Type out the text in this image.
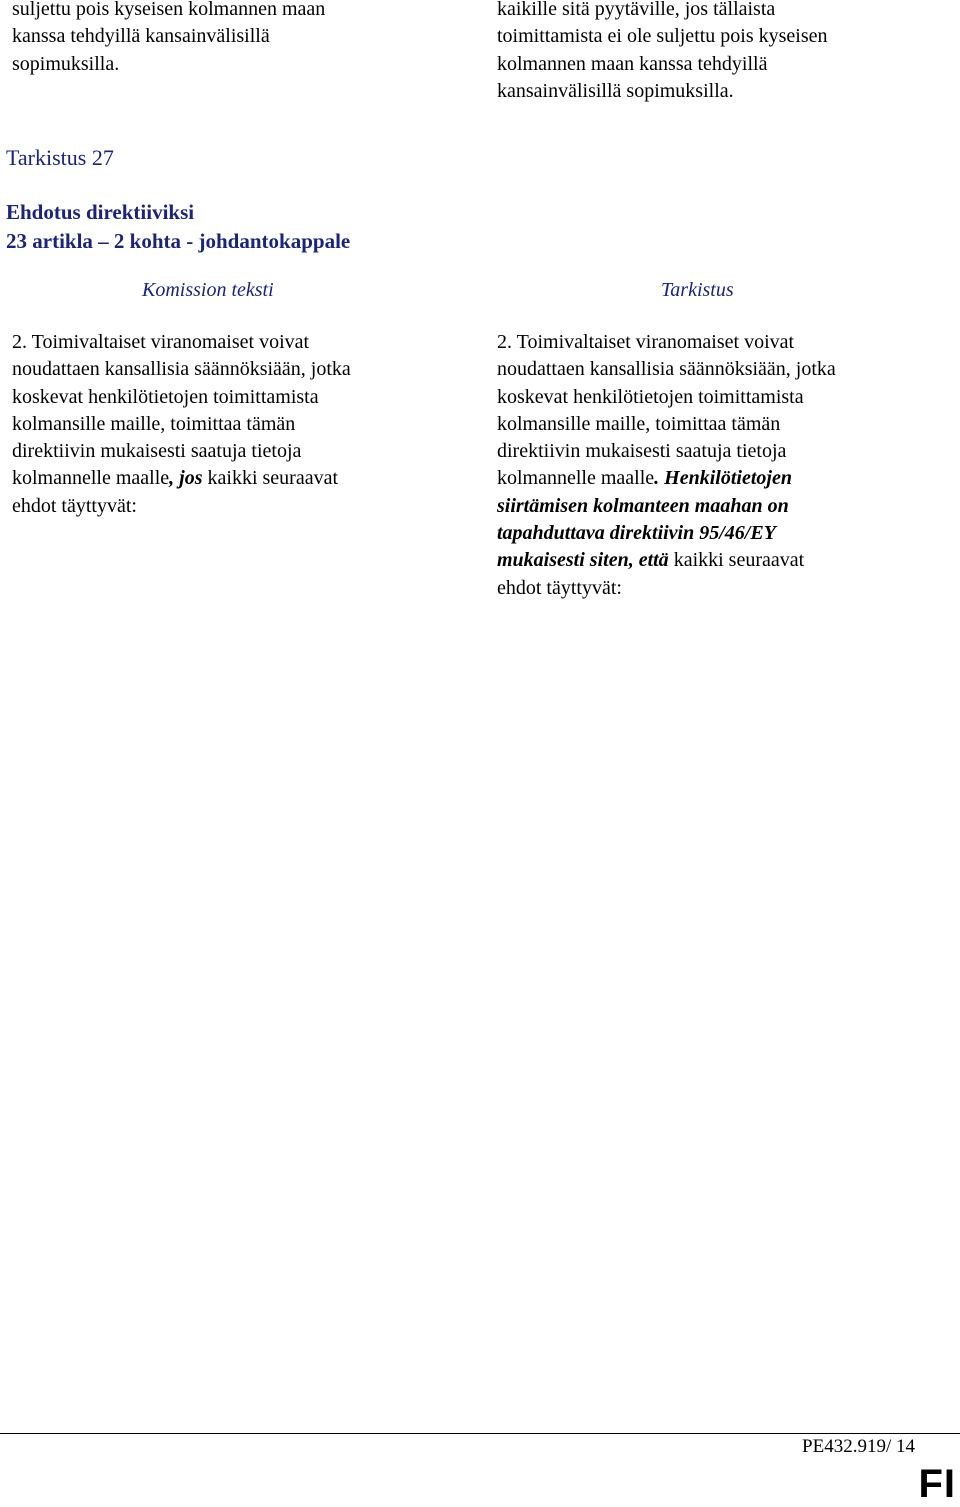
suljettu pois kyseisen kolmannen maan
kanssa tehdyillä kansainvälisillä
sopimuksilla.
kaikille sitä pyytäville, jos tällaista
toimittamista ei ole suljettu pois kyseisen
kolmannen maan kanssa tehdyillä
kansainvälisillä sopimuksilla.
Tarkistus 27
Ehdotus direktiiviksi
23 artikla – 2 kohta - johdantokappale
Komission teksti	Tarkistus
2. Toimivaltaiset viranomaiset voivat
noudattaen kansallisia säännöksiään, jotka
koskevat henkilötietojen toimittamista
kolmansille maille, toimittaa tämän
direktiivin mukaisesti saatuja tietoja
kolmannelle maalle, jos kaikki seuraavat
ehdot täyttyvät:
2. Toimivaltaiset viranomaiset voivat
noudattaen kansallisia säännöksiään, jotka
koskevat henkilötietojen toimittamista
kolmansille maille, toimittaa tämän
direktiivin mukaisesti saatuja tietoja
kolmannelle maalle. Henkilötietojen
siirtämisen kolmanteen maahan on
tapahduttava direktiivin 95/46/EY
mukaisesti siten, että kaikki seuraavat
ehdot täyttyvät:
PE432.919/ 14
FI
